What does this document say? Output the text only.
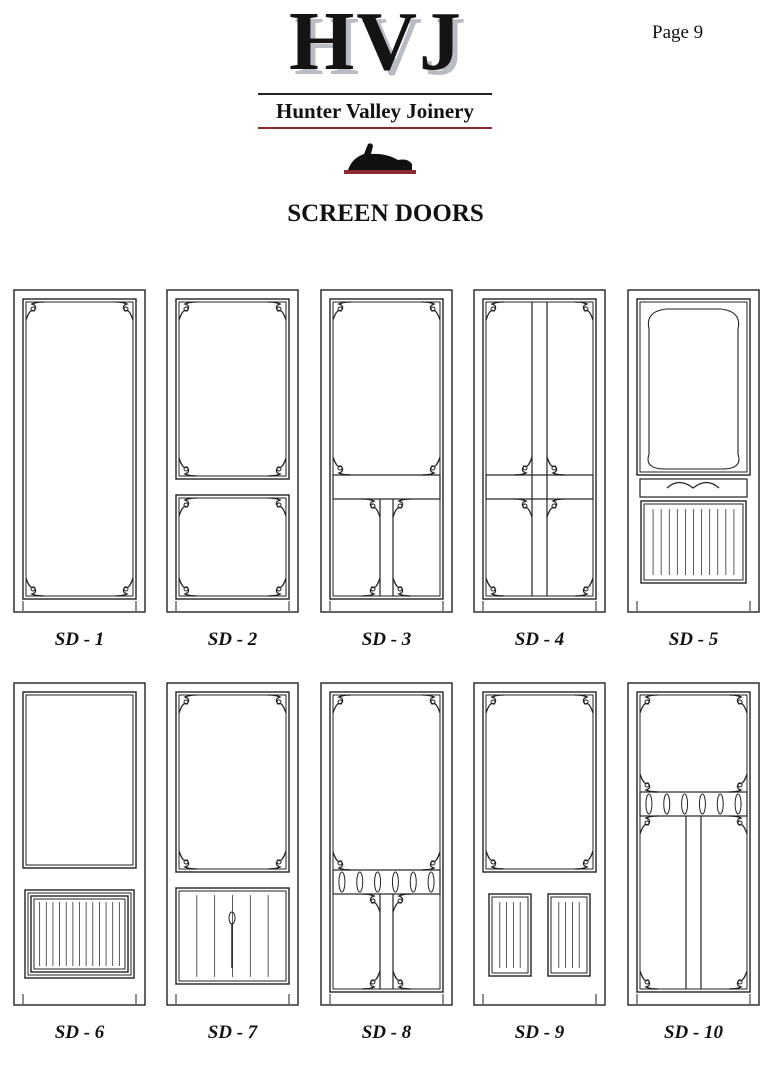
Page 9
HVJ
Hunter Valley Joinery
SCREEN DOORS
SD - 1	SD - 2	SD - 3	SD - 4	SD - 5
SD - 6	SD - 7	SD - 8	SD - 9	SD - 10
